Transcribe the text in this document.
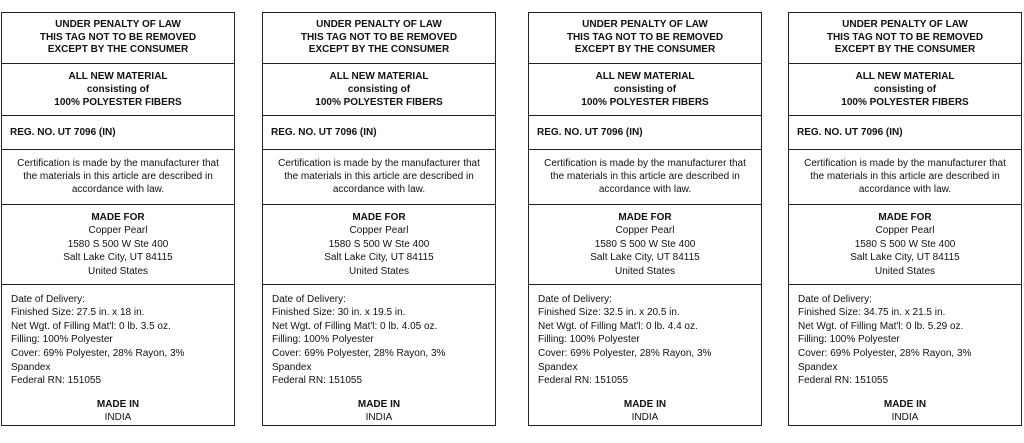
UNDER PENALTY OF LAW
THIS TAG NOT TO BE REMOVED
EXCEPT BY THE CONSUMER
ALL NEW MATERIAL
consisting of
100% POLYESTER FIBERS
REG. NO. UT 7096 (IN)
Certification is made by the manufacturer that the materials in this article are described in accordance with law.
MADE FOR
Copper Pearl
1580 S 500 W Ste 400
Salt Lake City, UT 84115
United States
Date of Delivery:
Finished Size: 27.5 in. x 18 in.
Net Wgt. of Filling Mat'l: 0 lb. 3.5 oz.
Filling: 100% Polyester
Cover: 69% Polyester, 28% Rayon, 3% Spandex
Federal RN: 151055
MADE IN
INDIA
UNDER PENALTY OF LAW
THIS TAG NOT TO BE REMOVED
EXCEPT BY THE CONSUMER
ALL NEW MATERIAL
consisting of
100% POLYESTER FIBERS
REG. NO. UT 7096 (IN)
Certification is made by the manufacturer that the materials in this article are described in accordance with law.
MADE FOR
Copper Pearl
1580 S 500 W Ste 400
Salt Lake City, UT 84115
United States
Date of Delivery:
Finished Size: 30 in. x 19.5 in.
Net Wgt. of Filling Mat'l: 0 lb. 4.05 oz.
Filling: 100% Polyester
Cover: 69% Polyester, 28% Rayon, 3% Spandex
Federal RN: 151055
MADE IN
INDIA
UNDER PENALTY OF LAW
THIS TAG NOT TO BE REMOVED
EXCEPT BY THE CONSUMER
ALL NEW MATERIAL
consisting of
100% POLYESTER FIBERS
REG. NO. UT 7096 (IN)
Certification is made by the manufacturer that the materials in this article are described in accordance with law.
MADE FOR
Copper Pearl
1580 S 500 W Ste 400
Salt Lake City, UT 84115
United States
Date of Delivery:
Finished Size: 32.5 in. x 20.5 in.
Net Wgt. of Filling Mat'l: 0 lb. 4.4 oz.
Filling: 100% Polyester
Cover: 69% Polyester, 28% Rayon, 3% Spandex
Federal RN: 151055
MADE IN
INDIA
UNDER PENALTY OF LAW
THIS TAG NOT TO BE REMOVED
EXCEPT BY THE CONSUMER
ALL NEW MATERIAL
consisting of
100% POLYESTER FIBERS
REG. NO. UT 7096 (IN)
Certification is made by the manufacturer that the materials in this article are described in accordance with law.
MADE FOR
Copper Pearl
1580 S 500 W Ste 400
Salt Lake City, UT 84115
United States
Date of Delivery:
Finished Size: 34.75 in. x 21.5 in.
Net Wgt. of Filling Mat'l: 0 lb. 5.29 oz.
Filling: 100% Polyester
Cover: 69% Polyester, 28% Rayon, 3% Spandex
Federal RN: 151055
MADE IN
INDIA
